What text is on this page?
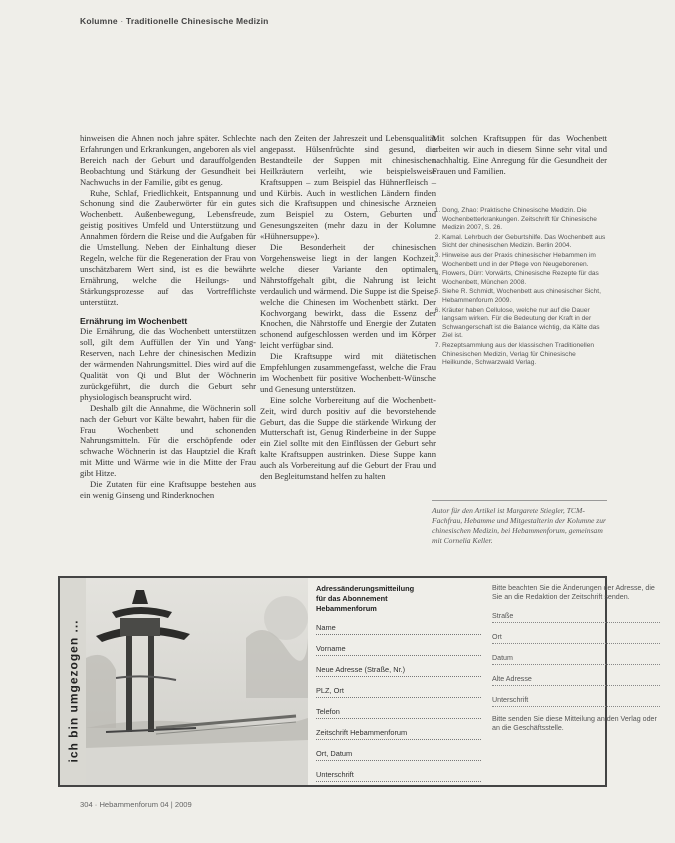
Kolumne · Traditionelle Chinesische Medizin

hinweisen die Ahnen noch jahre später. Schlechte Erfahrungen und Erkrankungen, angeboren als viel Bereich nach der Geburt und darauffolgenden Beobachtung und Stärkung der Gesundheit bei Nachwuchs in der Familie, gibt es genug.

Ruhe, Schlaf, Friedlichkeit, Entspannung und Schonung sind die Zauberwörter für ein gutes Wochenbett. Außenbewegung, Lebensfreude, geistig positives Umfeld und Unterstützung und Annahmen fördern die Reise und die Aufgaben für die Umstellung. Neben der Einhaltung dieser Regeln, welche für die Regeneration der Frau von unschätzbarem Wert sind, ist es die bewährte Ernährung, welche die Heilungs- und Stärkungsprozesse auf das Vortrefflichste unterstützt.

Ernährung im Wochenbett

Die Ernährung, die das Wochenbett unterstützen soll, gilt dem Auffüllen der Yin und Yang-Reserven, nach Lehre der chinesischen Medizin der wärmenden Nahrungsmittel. Dies wird auf die Qualität von Qi und Blut der Wöchnerin zurückgeführt, die durch die Geburt sehr physiologisch beansprucht wird.

Deshalb gilt die Annahme, die Wöchnerin soll nach der Geburt vor Kälte bewahrt, haben für die Frau Wochenbett und schonenden Nahrungsmitteln. Für die erschöpfende oder schwache Wöchnerin ist das Hauptziel die Kraft mit Mitte und Wärme wie in die Mitte der Frau gibt Hitze.

Die Zutaten für eine Kraftsuppe bestehen aus ein wenig Ginseng und Rinderknochen

nach den Zeiten der Jahreszeit und Lebensqualität angepasst. Hülsenfrüchte sind gesund, die Bestandteile der Suppen mit chinesischen Heilkräutern verleiht, wie beispielsweise Kraftsuppen – zum Beispiel das Hühnerfleisch – und Kürbis. Auch in westlichen Ländern finden sich die Kraftsuppen und chinesische Arzneien zum Beispiel zu Ostern, Geburten und Genesungszeiten (mehr dazu in der Kolumne «Hühnersuppe»).

Die Besonderheit der chinesischen Vorgehensweise liegt in der langen Kochzeit, welche dieser Variante den optimalen Nährstoffgehalt gibt, die Nahrung ist leicht verdaulich und wärmend. Die Suppe ist die Speise, welche die Chinesen im Wochenbett stärkt. Der Kochvorgang bewirkt, dass die Essenz der Knochen, die Nährstoffe und Energie der Zutaten schonend aufgeschlossen werden und im Körper leicht verfügbar sind.

Die Kraftsuppe wird mit diätetischen Empfehlungen zusammengefasst, welche die Frau im Wochenbett für positive Wochenbett-Wünsche und Genesung unterstützen.

Eine solche Vorbereitung auf die Wochenbett-Zeit, wird durch positiv auf die bevorstehende Geburt, das die Suppe die stärkende Wirkung der Mutterschaft ist, Genug Rinderbeine in der Suppe ein Ziel sollte mit den Einflüssen der Geburt sehr kalte Kraftsuppen austrinken. Diese Suppe kann auch als Vorbereitung auf die Geburt der Frau und den Begleitumstand helfen zu halten

Mit solchen Kraftsuppen für das Wochenbett arbeiten wir auch in diesem Sinne sehr vital und nachhaltig. Eine Anregung für die Gesundheit der Frauen und Familien.

1. Dong, Zhao: Praktische Chinesische Medizin. Die Wochenbetterkrankungen. Zeitschrift für Chinesische Medizin 2007, S. 26.
2. Kamal. Lehrbuch der Geburtshilfe. Das Wochenbett aus Sicht der chinesischen Medizin. Berlin 2004.
3. Hinweise aus der Praxis chinesischer Hebammen im Wochenbett und in der Pflege von Neugeborenen.
4. Flowers, Dürr: Vorwärts, Chinesische Rezepte für das Wochenbett, München 2008.
5. Siehe R. Schmidt, Wochenbett aus chinesischer Sicht, Hebammenforum 2009.
6. Kräuter haben Cellulose, welche nur auf die Dauer langsam wirken. Für die Bedeutung der Kraft in der Schwangerschaft ist die Balance wichtig, da Kälte das Ziel ist.
7. Rezeptsammlung aus der klassischen Traditionellen Chinesischen Medizin, Verlag für Chinesische Heilkunde, Schwarzwald Verlag.
Autor für den Artikel ist Margarete Stiegler, TCM-Fachfrau, Hebamme und Mitgestalterin der Kolumne zur chinesischen Medizin, bei Hebammenforum, gemeinsam mit Cornelia Keller.
ich bin umgezogen ...
Adressänderungsmitteilung
für das Abonnement
Hebammenforum
Name
Vorname
Neue Adresse (Straße, Nr.)
PLZ, Ort
Telefon
Zeitschrift Hebammenforum
Ort, Datum
Unterschrift
Bitte beachten Sie die Änderungen der Adresse, die Sie an die Redaktion der Zeitschrift senden.
Straße
Ort
Datum
Alte Adresse
Unterschrift
Bitte senden Sie diese Mitteilung an den Verlag oder an die Geschäftsstelle.
304 · Hebammenforum 04 | 2009
